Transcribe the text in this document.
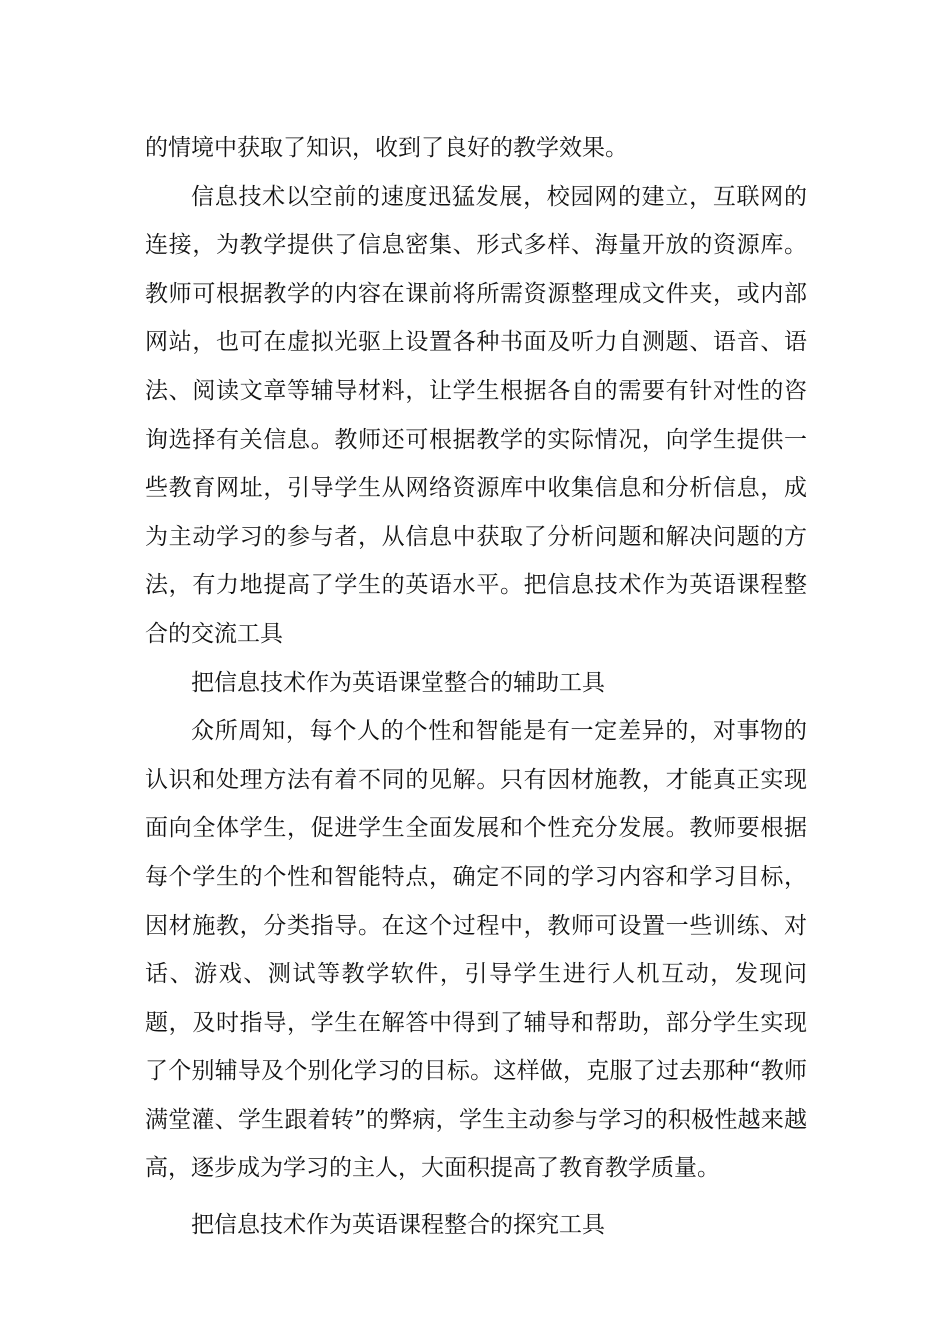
的情境中获取了知识，收到了良好的教学效果。

信息技术以空前的速度迅猛发展，校园网的建立，互联网的连接，为教学提供了信息密集、形式多样、海量开放的资源库。教师可根据教学的内容在课前将所需资源整理成文件夹，或内部网站，也可在虚拟光驱上设置各种书面及听力自测题、语音、语法、阅读文章等辅导材料，让学生根据各自的需要有针对性的咨询选择有关信息。教师还可根据教学的实际情况，向学生提供一些教育网址，引导学生从网络资源库中收集信息和分析信息，成为主动学习的参与者，从信息中获取了分析问题和解决问题的方法，有力地提高了学生的英语水平。把信息技术作为英语课程整合的交流工具

把信息技术作为英语课堂整合的辅助工具

众所周知，每个人的个性和智能是有一定差异的，对事物的认识和处理方法有着不同的见解。只有因材施教，才能真正实现面向全体学生，促进学生全面发展和个性充分发展。教师要根据每个学生的个性和智能特点，确定不同的学习内容和学习目标，因材施教，分类指导。在这个过程中，教师可设置一些训练、对话、游戏、测试等教学软件，引导学生进行人机互动，发现问题，及时指导，学生在解答中得到了辅导和帮助，部分学生实现了个别辅导及个别化学习的目标。这样做，克服了过去那种“教师满堂灌、学生跟着转”的弊病，学生主动参与学习的积极性越来越高，逐步成为学习的主人，大面积提高了教育教学质量。

把信息技术作为英语课程整合的探究工具
